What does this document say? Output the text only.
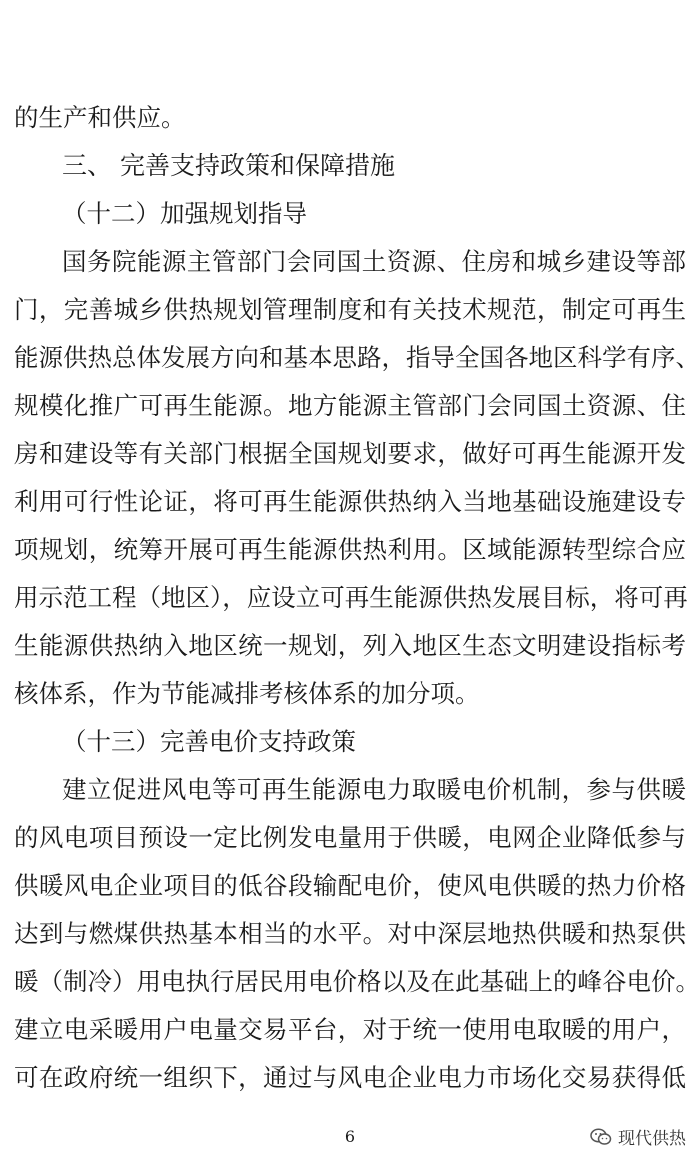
的生产和供应。
三、 完善支持政策和保障措施
（十二）加强规划指导
国务院能源主管部门会同国土资源、住房和城乡建设等部
门，完善城乡供热规划管理制度和有关技术规范，制定可再生
能源供热总体发展方向和基本思路，指导全国各地区科学有序、
规模化推广可再生能源。地方能源主管部门会同国土资源、住
房和建设等有关部门根据全国规划要求，做好可再生能源开发
利用可行性论证，将可再生能源供热纳入当地基础设施建设专
项规划，统筹开展可再生能源供热利用。区域能源转型综合应
用示范工程（地区），应设立可再生能源供热发展目标，将可再
生能源供热纳入地区统一规划，列入地区生态文明建设指标考
核体系，作为节能减排考核体系的加分项。
（十三）完善电价支持政策
建立促进风电等可再生能源电力取暖电价机制，参与供暖
的风电项目预设一定比例发电量用于供暖，电网企业降低参与
供暖风电企业项目的低谷段输配电价，使风电供暖的热力价格
达到与燃煤供热基本相当的水平。对中深层地热供暖和热泵供
暖（制冷）用电执行居民用电价格以及在此基础上的峰谷电价。
建立电采暖用户电量交易平台，对于统一使用电取暖的用户，
可在政府统一组织下，通过与风电企业电力市场化交易获得低
6	现代供热
